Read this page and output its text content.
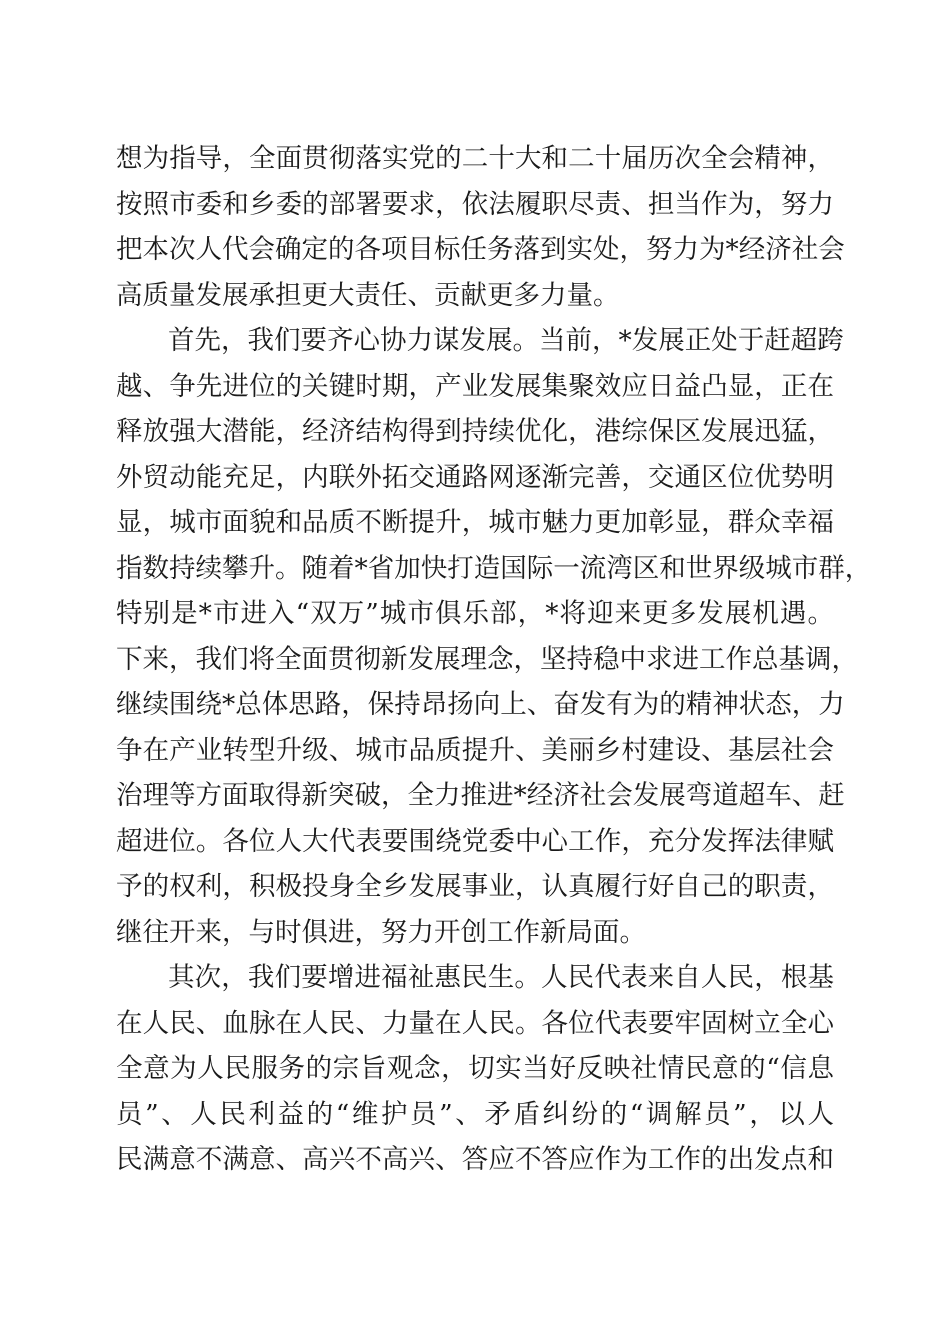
想为指导，全面贯彻落实党的二十大和二十届历次全会精神，
按照市委和乡委的部署要求，依法履职尽责、担当作为，努力
把本次人代会确定的各项目标任务落到实处，努力为*经济社会
高质量发展承担更大责任、贡献更多力量。
首先，我们要齐心协力谋发展。当前，*发展正处于赶超跨
越、争先进位的关键时期，产业发展集聚效应日益凸显，正在
释放强大潜能，经济结构得到持续优化，港综保区发展迅猛，
外贸动能充足，内联外拓交通路网逐渐完善，交通区位优势明
显，城市面貌和品质不断提升，城市魅力更加彰显，群众幸福
指数持续攀升。随着*省加快打造国际一流湾区和世界级城市群，
特别是*市进入“双万”城市俱乐部，*将迎来更多发展机遇。
下来，我们将全面贯彻新发展理念，坚持稳中求进工作总基调，
继续围绕*总体思路，保持昂扬向上、奋发有为的精神状态，力
争在产业转型升级、城市品质提升、美丽乡村建设、基层社会
治理等方面取得新突破，全力推进*经济社会发展弯道超车、赶
超进位。各位人大代表要围绕党委中心工作，充分发挥法律赋
予的权利，积极投身全乡发展事业，认真履行好自己的职责，
继往开来，与时俱进，努力开创工作新局面。
其次，我们要增进福祉惠民生。人民代表来自人民，根基
在人民、血脉在人民、力量在人民。各位代表要牢固树立全心
全意为人民服务的宗旨观念，切实当好反映社情民意的“信息
员”、人民利益的“维护员”、矛盾纠纷的“调解员”，以人
民满意不满意、高兴不高兴、答应不答应作为工作的出发点和
